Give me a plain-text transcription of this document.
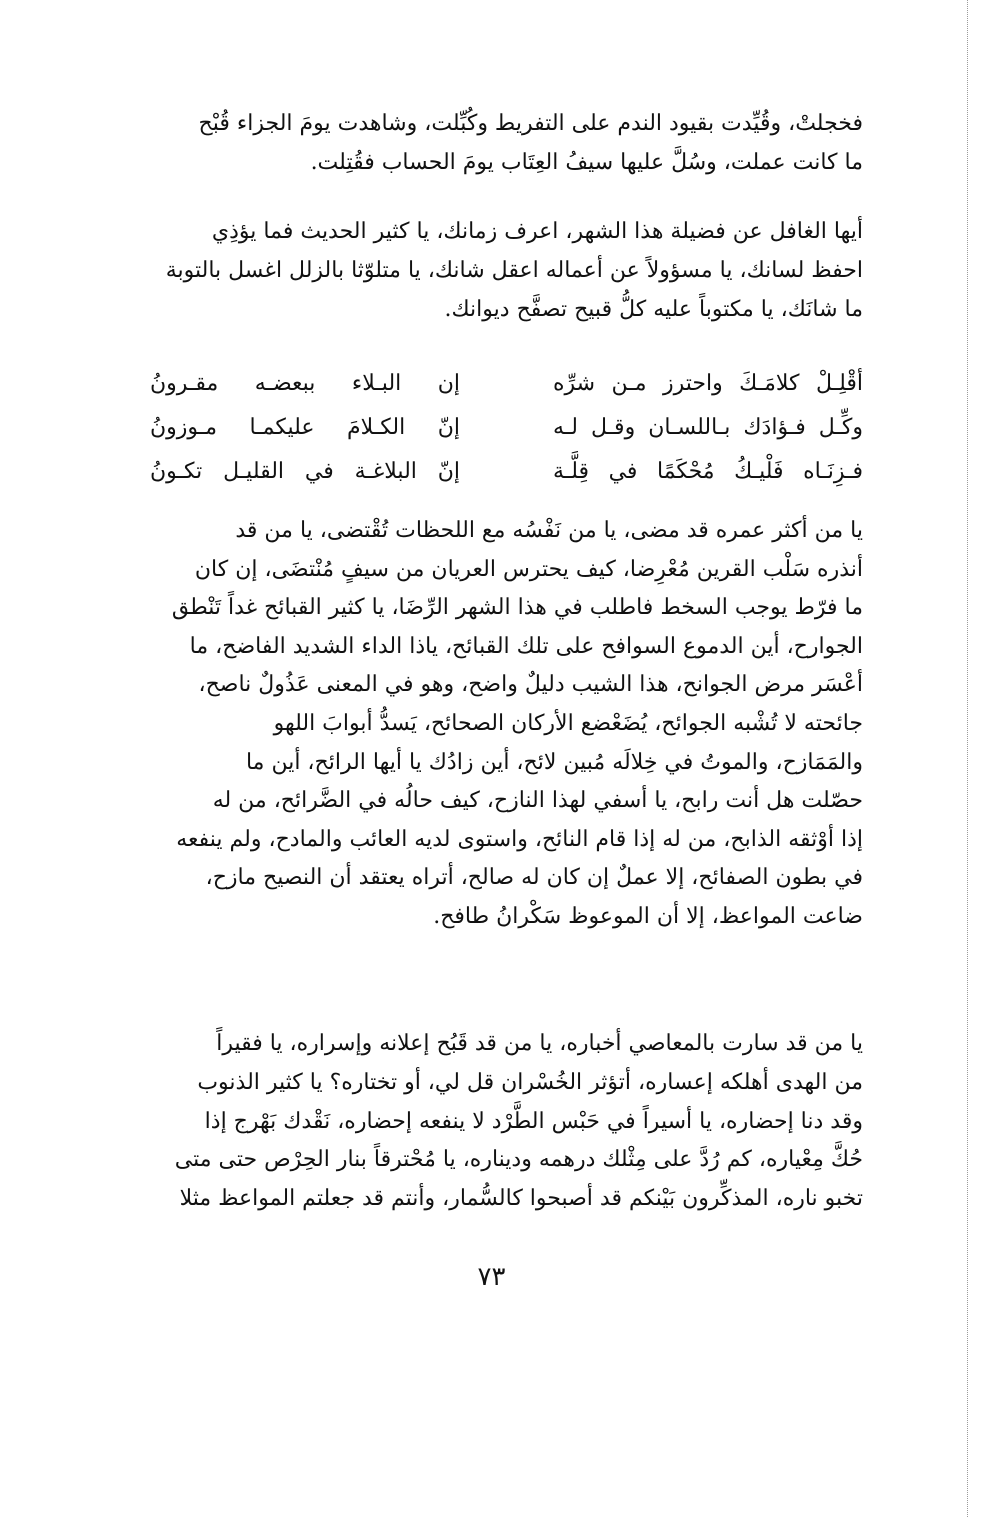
فخجلتْ، وقُيِّدت بقيود الندم على التفريط وكُبِّلت، وشاهدت يومَ الجزاء قُبْح

ما كانت عملت، وسُلَّ عليها سيفُ العِتَاب يومَ الحساب فقُتِلت.

أيها الغافل عن فضيلة هذا الشهر، اعرف زمانك، يا كثير الحديث فما يؤذِي

احفظ لسانك، يا مسؤولاً عن أعماله اعقل شانك، يا متلوّثا بالزلل اغسل بالتوبة

ما شانَك، يا مكتوباً عليه كلُّ قبيح تصفَّح ديوانك.

أقْلِـلْ كلامَـكَ واحترز مـن شرِّه
إن البـلاء ببعضـه مقـرونُ
وكِّـل فـؤادَك بـاللسـان وقـل لـه
إنّ الكـلامَ عليكمـا مـوزونُ
فـزِنَـاه فَلْيـكُ مُحْكَمًا في قِلَّـة
إنّ البلاغـة في القليـل تكـونُ

يا من أكثر عمره قد مضى، يا من نَفْسُه مع اللحظات تُقْتضى، يا من قد

أنذره سَلْب القرين مُعْرِضا، كيف يحترس العريان من سيفٍ مُنْتضَى، إن كان

ما فرّط يوجب السخط فاطلب في هذا الشهر الرِّضَا، يا كثير القبائح غداً تَنْطق

الجوارح، أين الدموع السوافح على تلك القبائح، ياذا الداء الشديد الفاضح، ما

أعْسَر مرض الجوانح، هذا الشيب دليلٌ واضح، وهو في المعنى عَذُولٌ ناصح،

جائحته لا تُشْبه الجوائح، يُضَعْضع الأركان الصحائح، يَسدُّ أبوابَ اللهو

والمَمَازح، والموتُ في خِلالَه مُبين لائح، أين زادُك يا أيها الرائح، أين ما

حصّلت هل أنت رابح، يا أسفي لهذا النازح، كيف حالُه في الضَّرائح، من له

إذا أوْثقه الذابح، من له إذا قام النائح، واستوى لديه العائب والمادح، ولم ينفعه

في بطون الصفائح، إلا عملٌ إن كان له صالح، أتراه يعتقد أن النصيح مازح،

ضاعت المواعظ، إلا أن الموعوظ سَكْرانُ طافح.

يا من قد سارت بالمعاصي أخباره، يا من قد قَبُح إعلانه وإسراره، يا فقيراً

من الهدى أهلكه إعساره، أتؤثر الخُسْران قل لي، أو تختاره؟ يا كثير الذنوب

وقد دنا إحضاره، يا أسيراً في حَبْس الطَّرْد لا ينفعه إحضاره، نَقْدك بَهْرج إذا

حُكَّ مِعْياره، كم رُدَّ على مِثْلك درهمه وديناره، يا مُحْترقاً بنار الحِرْص حتى متى

تخبو ناره، المذكِّرون بَيْنكم قد أصبحوا كالسُّمار، وأنتم قد جعلتم المواعظ مثلا

٧٣
